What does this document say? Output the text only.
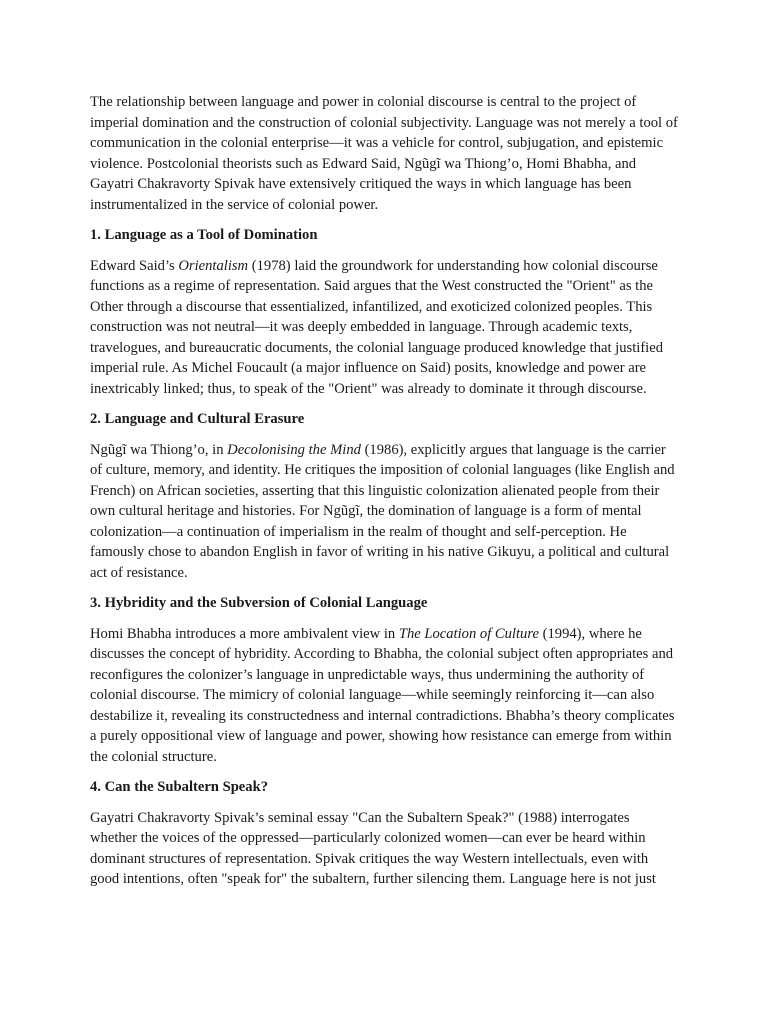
The relationship between language and power in colonial discourse is central to the project of imperial domination and the construction of colonial subjectivity. Language was not merely a tool of communication in the colonial enterprise—it was a vehicle for control, subjugation, and epistemic violence. Postcolonial theorists such as Edward Said, Ngũgĩ wa Thiong’o, Homi Bhabha, and Gayatri Chakravorty Spivak have extensively critiqued the ways in which language has been instrumentalized in the service of colonial power.

1. Language as a Tool of Domination

Edward Said’s Orientalism (1978) laid the groundwork for understanding how colonial discourse functions as a regime of representation. Said argues that the West constructed the "Orient" as the Other through a discourse that essentialized, infantilized, and exoticized colonized peoples. This construction was not neutral—it was deeply embedded in language. Through academic texts, travelogues, and bureaucratic documents, the colonial language produced knowledge that justified imperial rule. As Michel Foucault (a major influence on Said) posits, knowledge and power are inextricably linked; thus, to speak of the "Orient" was already to dominate it through discourse.

2. Language and Cultural Erasure

Ngũgĩ wa Thiong’o, in Decolonising the Mind (1986), explicitly argues that language is the carrier of culture, memory, and identity. He critiques the imposition of colonial languages (like English and French) on African societies, asserting that this linguistic colonization alienated people from their own cultural heritage and histories. For Ngũgĩ, the domination of language is a form of mental colonization—a continuation of imperialism in the realm of thought and self-perception. He famously chose to abandon English in favor of writing in his native Gikuyu, a political and cultural act of resistance.

3. Hybridity and the Subversion of Colonial Language

Homi Bhabha introduces a more ambivalent view in The Location of Culture (1994), where he discusses the concept of hybridity. According to Bhabha, the colonial subject often appropriates and reconfigures the colonizer’s language in unpredictable ways, thus undermining the authority of colonial discourse. The mimicry of colonial language—while seemingly reinforcing it—can also destabilize it, revealing its constructedness and internal contradictions. Bhabha’s theory complicates a purely oppositional view of language and power, showing how resistance can emerge from within the colonial structure.

4. Can the Subaltern Speak?

Gayatri Chakravorty Spivak’s seminal essay "Can the Subaltern Speak?" (1988) interrogates whether the voices of the oppressed—particularly colonized women—can ever be heard within dominant structures of representation. Spivak critiques the way Western intellectuals, even with good intentions, often "speak for" the subaltern, further silencing them. Language here is not just
